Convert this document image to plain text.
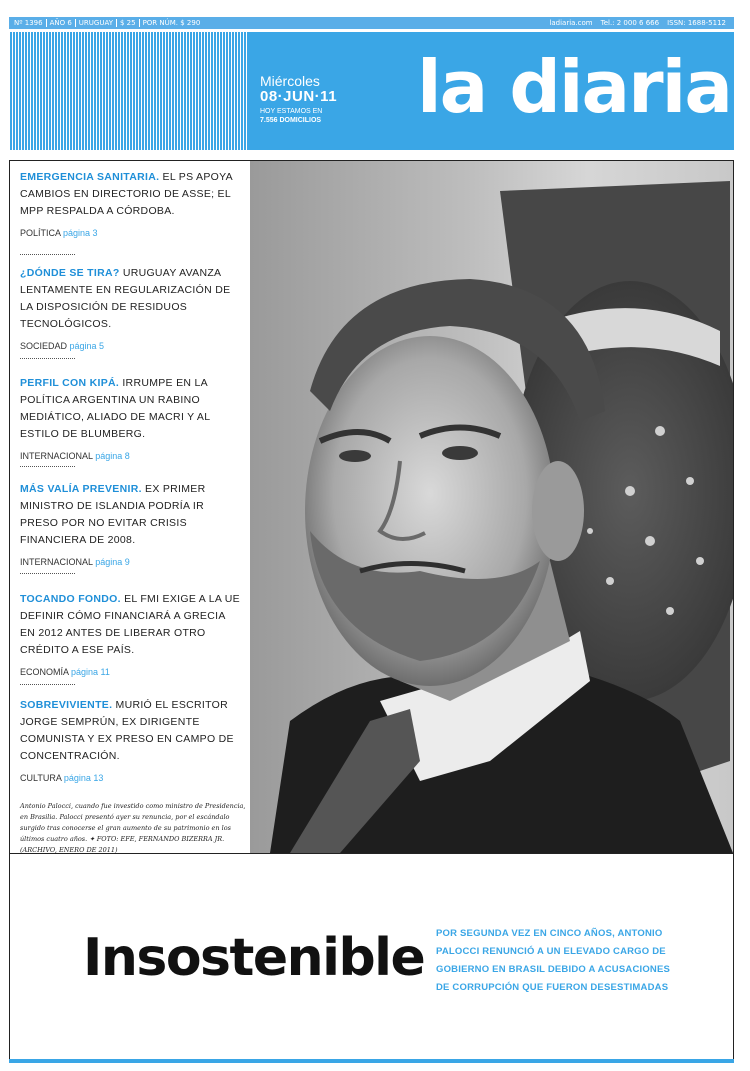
Nº 1396 AÑO 6 URUGUAY $ 25 POR NÚM. $ 290	ladiaria.com Tel.: 2 000 6 666 ISSN: 1688-5112
Miércoles
08·JUN·11
HOY ESTAMOS EN
7.556 DOMICILIOS la diaria
EMERGENCIA SANITARIA. EL PS APOYA CAMBIOS EN DIRECTORIO DE ASSE; EL MPP RESPALDA A CÓRDOBA.
POLÍTICA página 3
¿DÓNDE SE TIRA? URUGUAY AVANZA LENTAMENTE EN REGULARIZACIÓN DE LA DISPOSICIÓN DE RESIDUOS TECNOLÓGICOS.
SOCIEDAD página 5
PERFIL CON KIPÁ. IRRUMPE EN LA POLÍTICA ARGENTINA UN RABINO MEDIÁTICO, ALIADO DE MACRI Y AL ESTILO DE BLUMBERG.
INTERNACIONAL página 8
MÁS VALÍA PREVENIR. EX PRIMER MINISTRO DE ISLANDIA PODRÍA IR PRESO POR NO EVITAR CRISIS FINANCIERA DE 2008.
INTERNACIONAL página 9
TOCANDO FONDO. EL FMI EXIGE A LA UE DEFINIR CÓMO FINANCIARÁ A GRECIA EN 2012 ANTES DE LIBERAR OTRO CRÉDITO A ESE PAÍS.
ECONOMÍA página 11
SOBREVIVIENTE. MURIÓ EL ESCRITOR JORGE SEMPRÚN, EX DIRIGENTE COMUNISTA Y EX PRESO EN CAMPO DE CONCENTRACIÓN.
CULTURA página 13
Antonio Palocci, cuando fue investido como ministro de Presidencia, en Brasilia. Palocci presentó ayer su renuncia, por el escándalo surgido tras conocerse el gran aumento de su patrimonio en los últimos cuatro años. ✦ FOTO: EFE, FERNANDO BIZERRA JR. (ARCHIVO, ENERO DE 2011)
Insostenible POR SEGUNDA VEZ EN CINCO AÑOS, ANTONIO PALOCCI RENUNCIÓ A UN ELEVADO CARGO DE GOBIERNO EN BRASIL DEBIDO A ACUSACIONES DE CORRUPCIÓN QUE FUERON DESESTIMADAS
